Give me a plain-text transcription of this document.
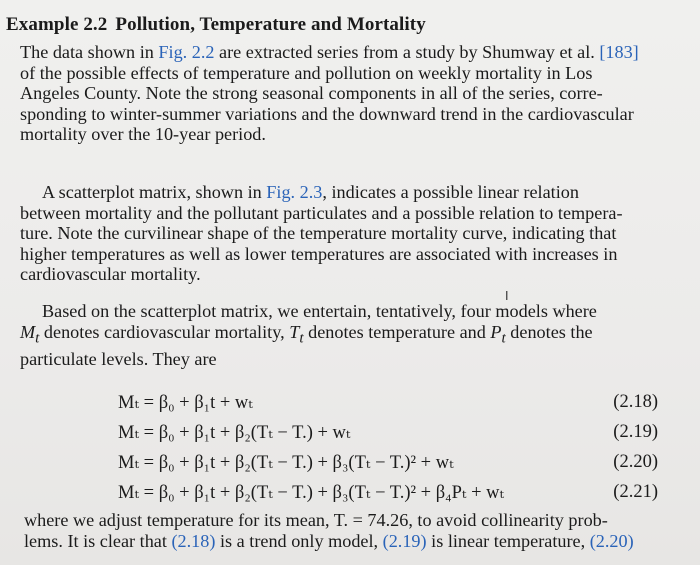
Example 2.2 Pollution, Temperature and Mortality
The data shown in Fig. 2.2 are extracted series from a study by Shumway et al. [183]
of the possible effects of temperature and pollution on weekly mortality in Los
Angeles County. Note the strong seasonal components in all of the series, corre-
sponding to winter-summer variations and the downward trend in the cardiovascular
mortality over the 10-year period.
A scatterplot matrix, shown in Fig. 2.3, indicates a possible linear relation
between mortality and the pollutant particulates and a possible relation to tempera-
ture. Note the curvilinear shape of the temperature mortality curve, indicating that
higher temperatures as well as lower temperatures are associated with increases in
cardiovascular mortality.
I
Based on the scatterplot matrix, we entertain, tentatively, four models where
$M_t$ denotes cardiovascular mortality, $T_t$ denotes temperature and $P_t$ denotes the
particulate levels. They are
Mₜ = β₀ + β₁t + wₜ	(2.18)
Mₜ = β₀ + β₁t + β₂(Tₜ − T.) + wₜ	(2.19)
Mₜ = β₀ + β₁t + β₂(Tₜ − T.) + β₃(Tₜ − T.)² + wₜ	(2.20)
Mₜ = β₀ + β₁t + β₂(Tₜ − T.) + β₃(Tₜ − T.)² + β₄Pₜ + wₜ	(2.21)
where we adjust temperature for its mean, T. = 74.26, to avoid collinearity prob-
lems. It is clear that (2.18) is a trend only model, (2.19) is linear temperature, (2.20)
